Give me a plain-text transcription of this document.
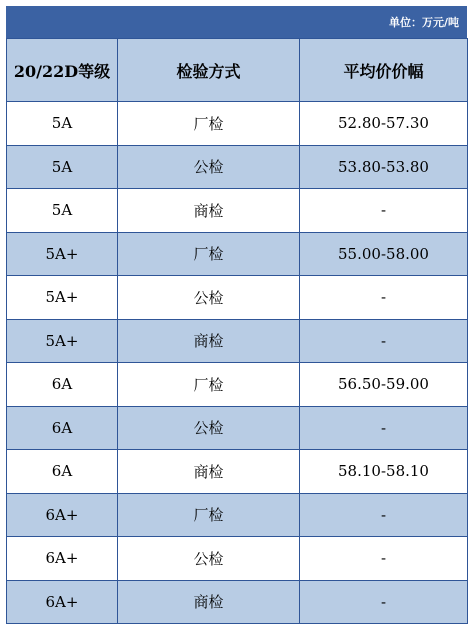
单位：万元/吨
20/22D等级	检验方式	平均价价幅
5A	厂检	52.80-57.30
5A	公检	53.80-53.80
5A	商检	-
5A+	厂检	55.00-58.00
5A+	公检	-
5A+	商检	-
6A	厂检	56.50-59.00
6A	公检	-
6A	商检	58.10-58.10
6A+	厂检	-
6A+	公检	-
6A+	商检	-
